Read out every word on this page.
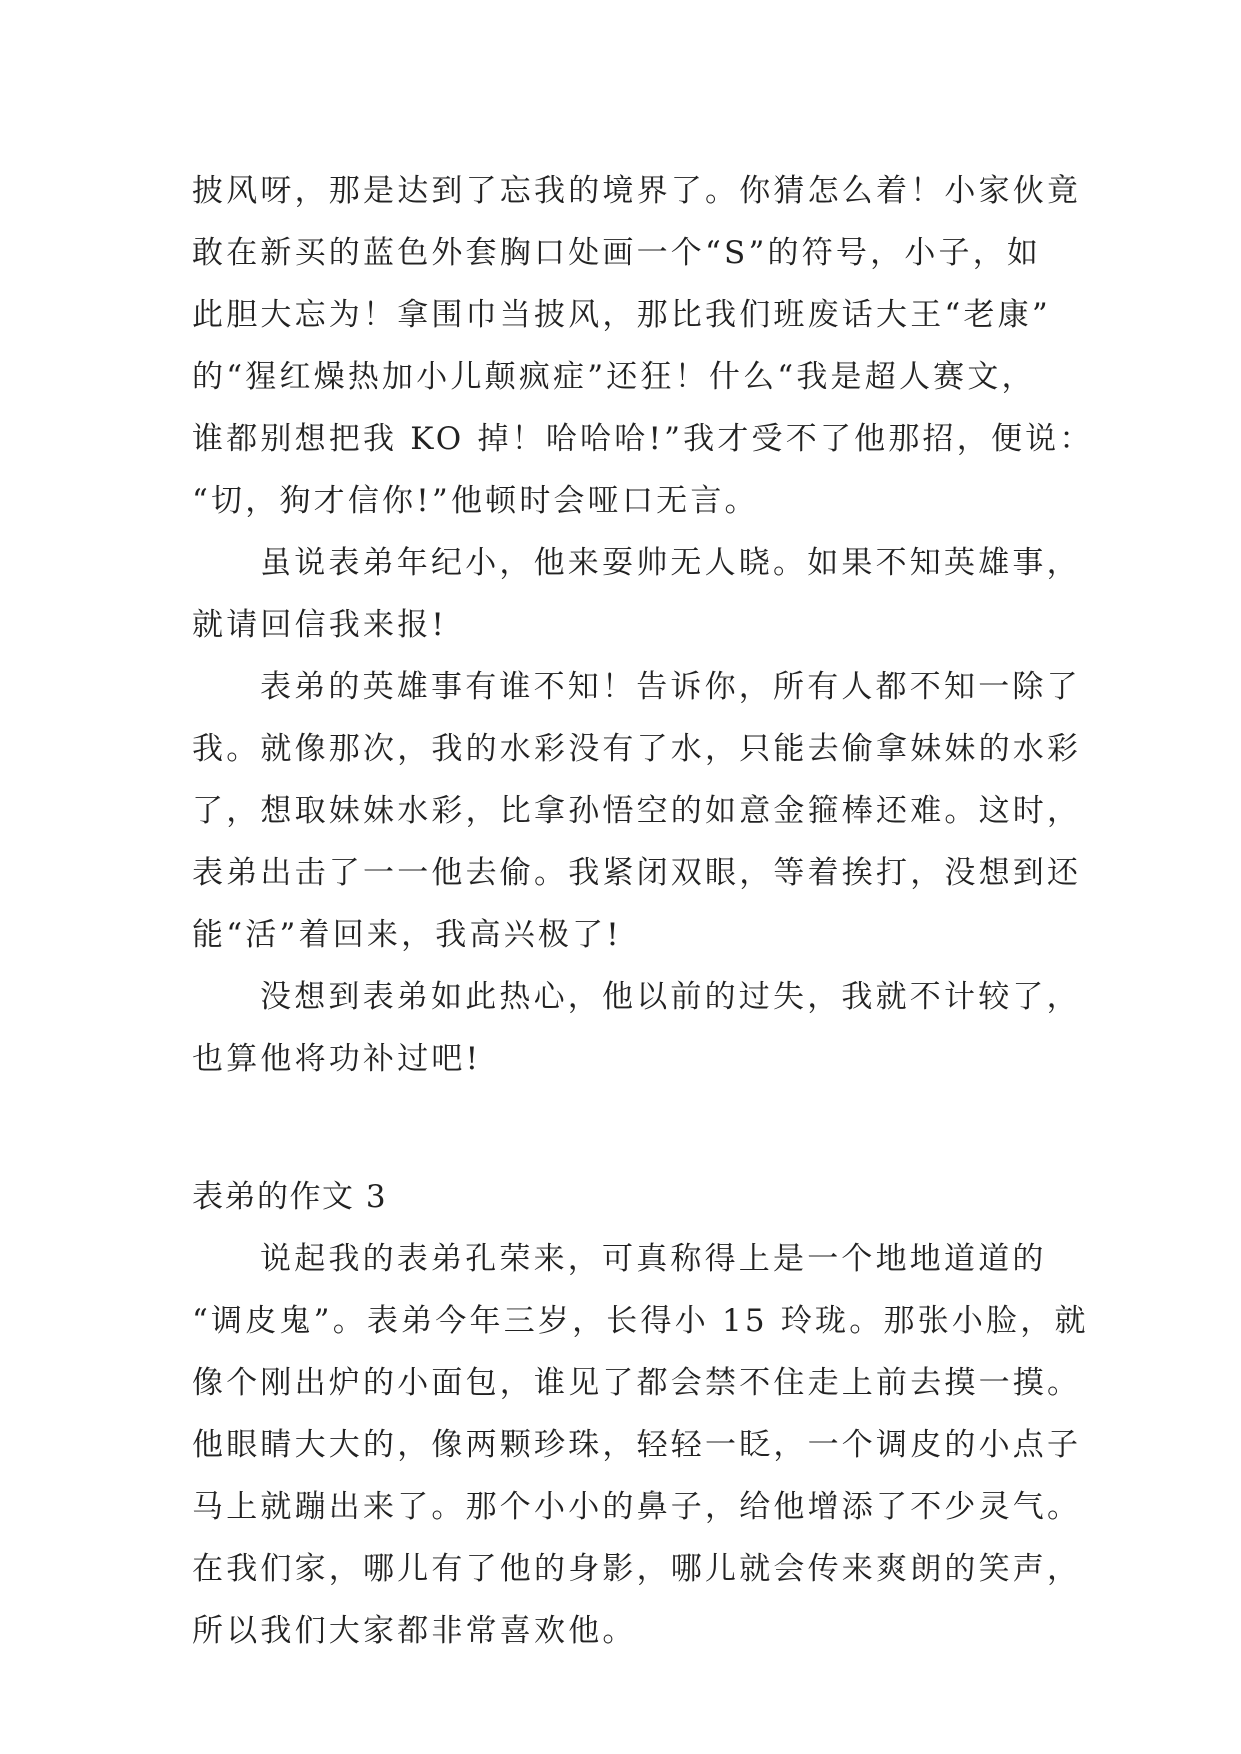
披风呀，那是达到了忘我的境界了。你猜怎么着！小家伙竟
敢在新买的蓝色外套胸口处画一个“S”的符号，小子，如
此胆大忘为！拿围巾当披风，那比我们班废话大王“老康”
的“猩红燥热加小儿颠疯症”还狂！什么“我是超人赛文，
谁都别想把我 KO 掉！哈哈哈!”我才受不了他那招，便说：
“切，狗才信你!”他顿时会哑口无言。
虽说表弟年纪小，他来耍帅无人晓。如果不知英雄事，
就请回信我来报!
表弟的英雄事有谁不知！告诉你，所有人都不知一除了
我。就像那次，我的水彩没有了水，只能去偷拿妹妹的水彩
了，想取妹妹水彩，比拿孙悟空的如意金箍棒还难。这时，
表弟出击了一一他去偷。我紧闭双眼，等着挨打，没想到还
能“活”着回来，我高兴极了!
没想到表弟如此热心，他以前的过失，我就不计较了，
也算他将功补过吧!
表弟的作文 3
说起我的表弟孔荣来，可真称得上是一个地地道道的
“调皮鬼”。表弟今年三岁，长得小 15 玲珑。那张小脸，就
像个刚出炉的小面包，谁见了都会禁不住走上前去摸一摸。
他眼睛大大的，像两颗珍珠，轻轻一眨，一个调皮的小点子
马上就蹦出来了。那个小小的鼻子，给他增添了不少灵气。
在我们家，哪儿有了他的身影，哪儿就会传来爽朗的笑声，
所以我们大家都非常喜欢他。
